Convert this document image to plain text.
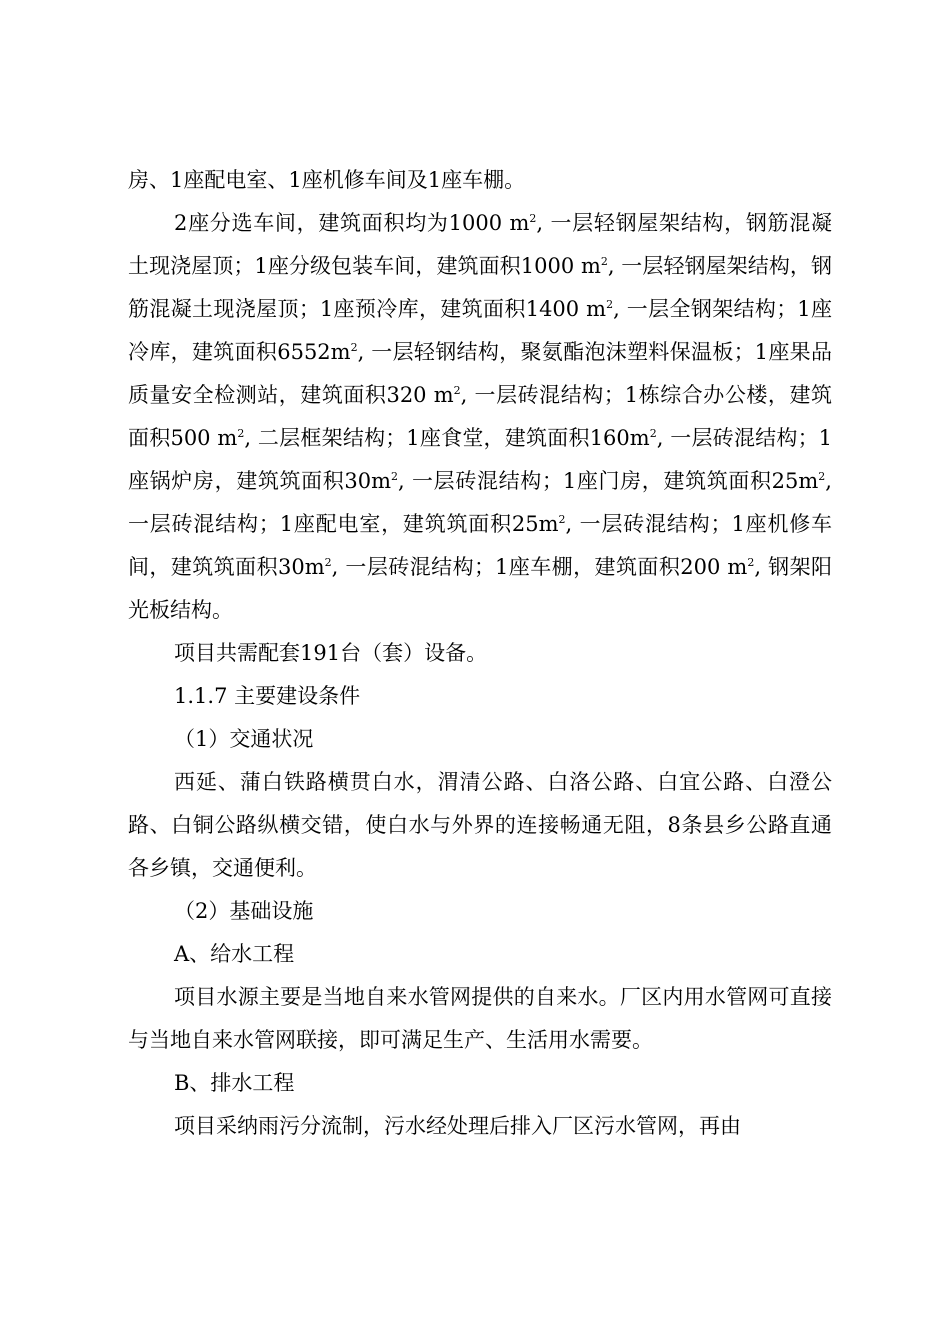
房、1座配电室、1座机修车间及1座车棚。

2座分选车间，建筑面积均为1000 $m^2$, 一层轻钢屋架结构，钢筋混凝土现浇屋顶；1座分级包装车间，建筑面积1000 $m^2$, 一层轻钢屋架结构，钢筋混凝土现浇屋顶；1座预冷库，建筑面积1400 $m^2$, 一层全钢架结构；1座冷库，建筑面积$6552m^2$, 一层轻钢结构，聚氨酯泡沫塑料保温板；1座果品质量安全检测站，建筑面积320 $m^2$, 一层砖混结构；1栋综合办公楼，建筑面积500 $m^2$, 二层框架结构；1座食堂，建筑面积$160m^2$, 一层砖混结构；1座锅炉房，建筑筑面积$30m^2$, 一层砖混结构；1座门房，建筑筑面积$25m^2$, 一层砖混结构；1座配电室，建筑筑面积$25m^2$, 一层砖混结构；1座机修车间，建筑筑面积$30m^2$, 一层砖混结构；1座车棚，建筑面积200 $m^2$, 钢架阳光板结构。

项目共需配套191台（套）设备。

1.1.7 主要建设条件

（1）交通状况

西延、蒲白铁路横贯白水，渭清公路、白洛公路、白宜公路、白澄公路、白铜公路纵横交错，使白水与外界的连接畅通无阻，8条县乡公路直通各乡镇，交通便利。

（2）基础设施

A、给水工程

项目水源主要是当地自来水管网提供的自来水。厂区内用水管网可直接与当地自来水管网联接，即可满足生产、生活用水需要。

B、排水工程

项目采纳雨污分流制，污水经处理后排入厂区污水管网，再由
